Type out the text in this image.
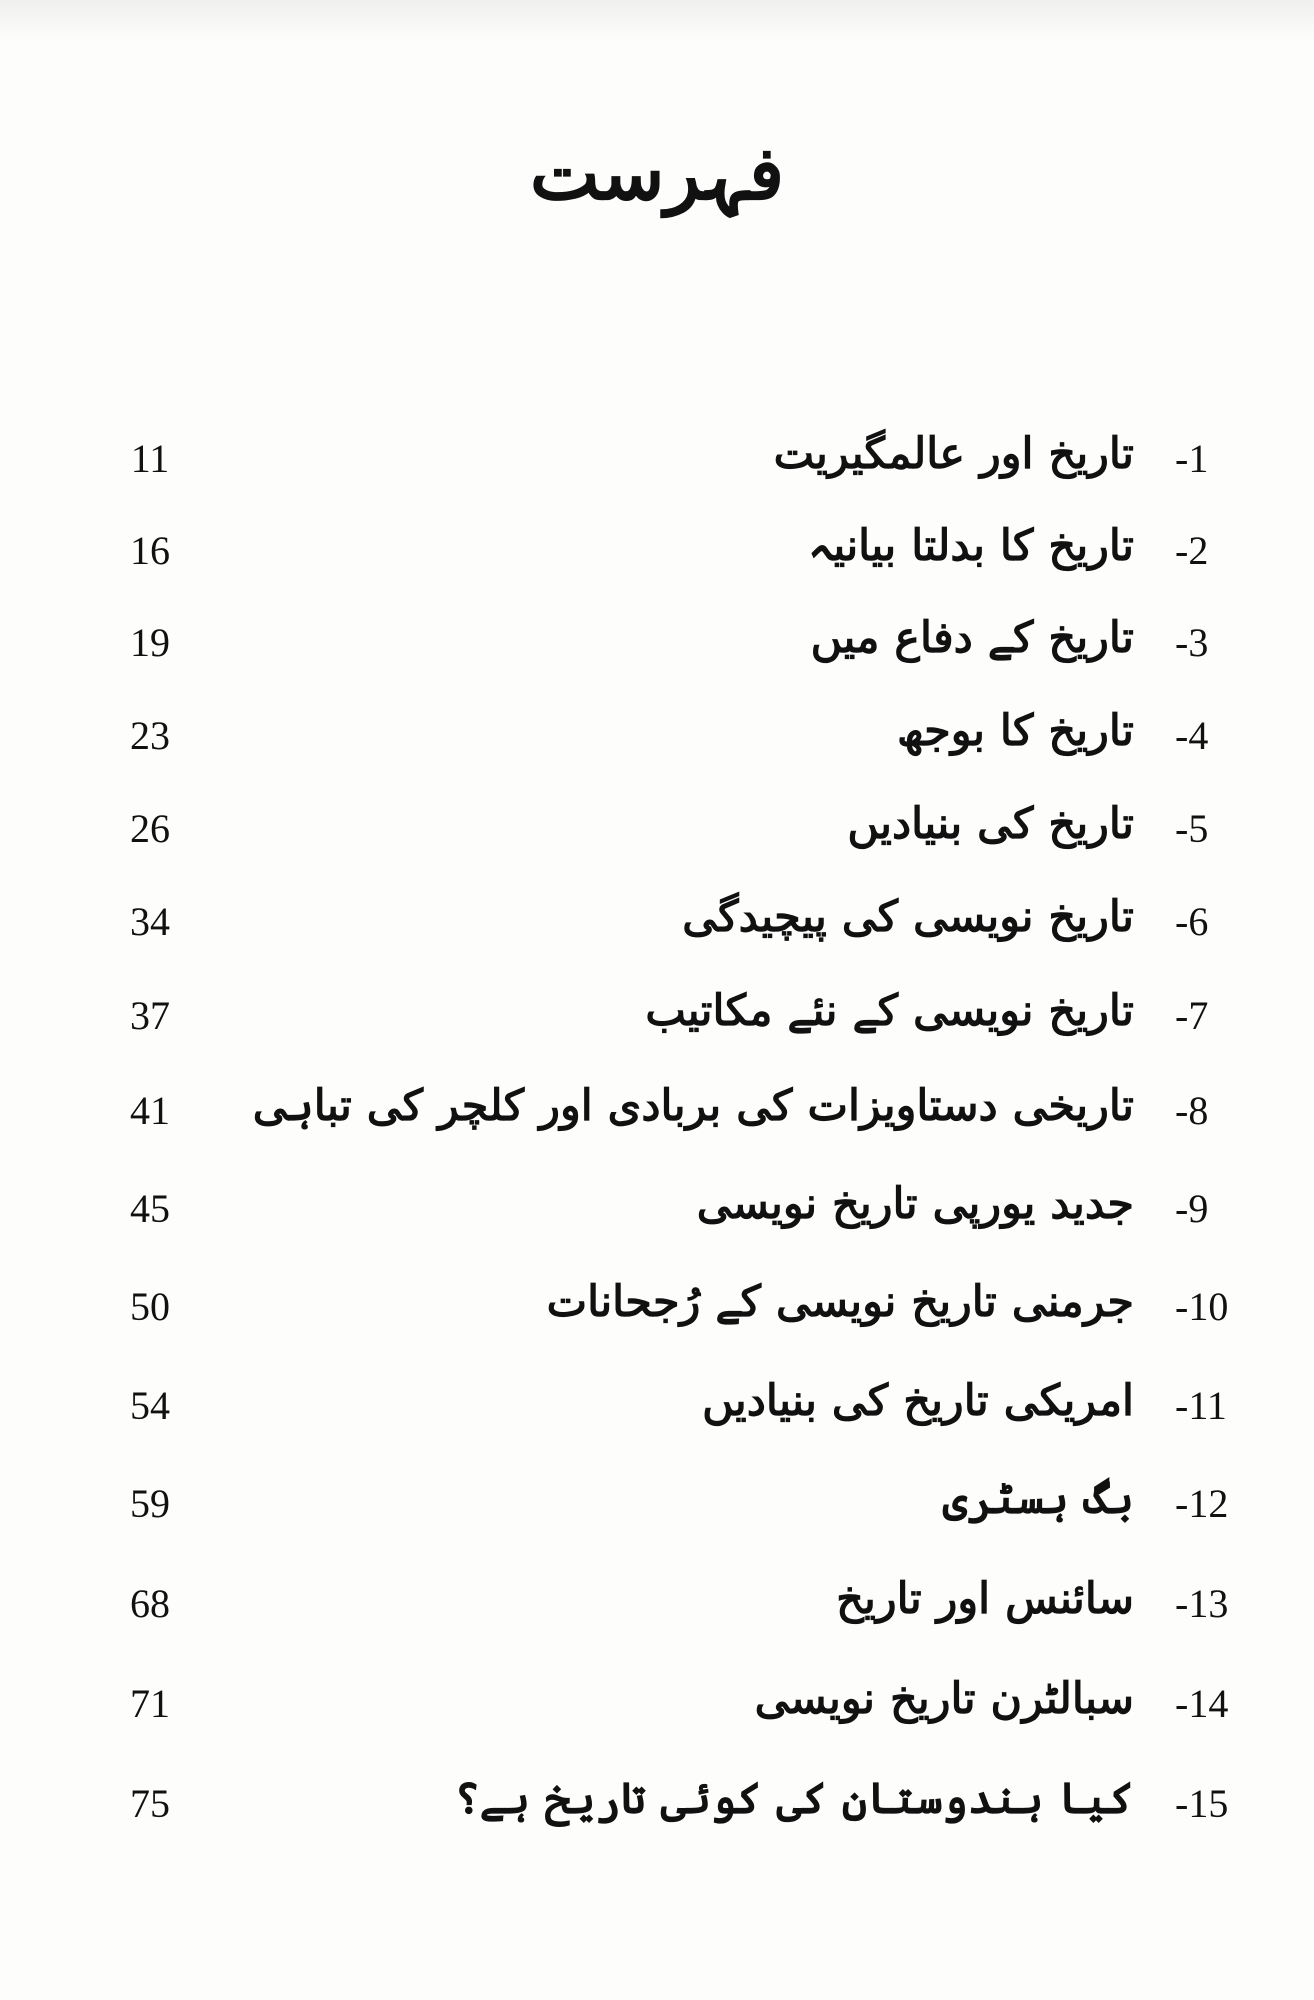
فہرست
-1
تاریخ اور عالمگیریت
11
-2
تاریخ کا بدلتا بیانیہ
16
-3
تاریخ کے دفاع میں
19
-4
تاریخ کا بوجھ
23
-5
تاریخ کی بنیادیں
26
-6
تاریخ نویسی کی پیچیدگی
34
-7
تاریخ نویسی کے نئے مکاتیب
37
-8
تاریخی دستاویزات کی بربادی اور کلچر کی تباہی
41
-9
جدید یورپی تاریخ نویسی
45
-10
جرمنی تاریخ نویسی کے رُجحانات
50
-11
امریکی تاریخ کی بنیادیں
54
-12
بگ ہسٹری
59
-13
سائنس اور تاریخ
68
-14
سبالٹرن تاریخ نویسی
71
-15
کیا ہندوستان کی کوئی تاریخ ہے؟
75
